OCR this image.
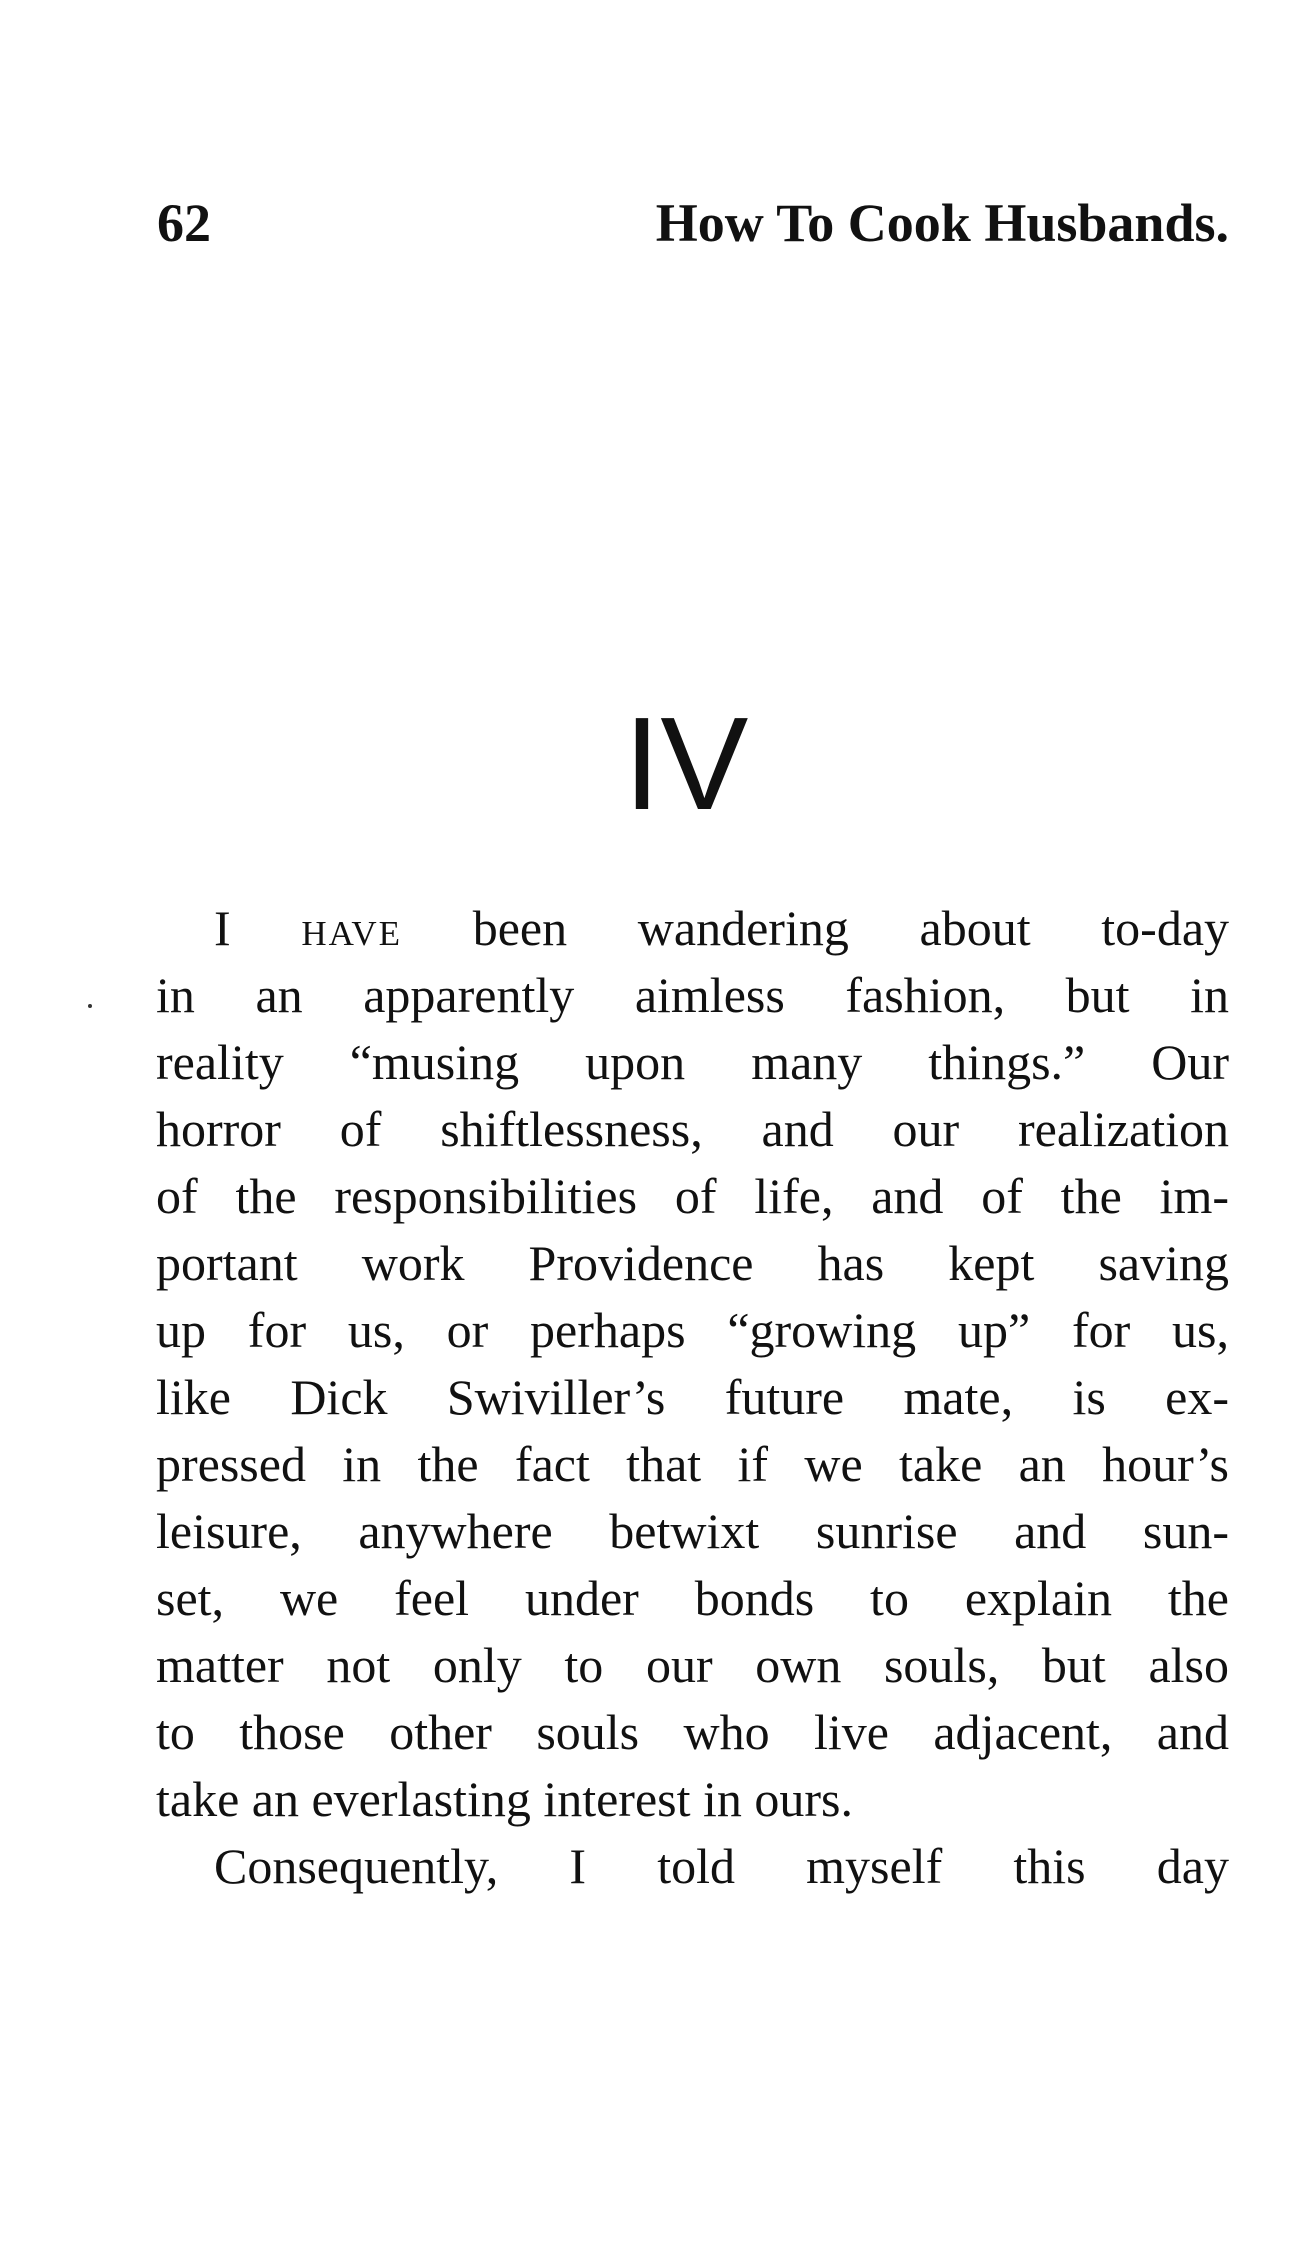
62	How To Cook Husbands.
IV
I have been wandering about to-day
in an apparently aimless fashion, but in
reality “musing upon many things.” Our
horror of shiftlessness, and our realization
of the responsibilities of life, and of the im-
portant work Providence has kept saving
up for us, or perhaps “growing up” for us,
like Dick Swiviller’s future mate, is ex-
pressed in the fact that if we take an hour’s
leisure, anywhere betwixt sunrise and sun-
set, we feel under bonds to explain the
matter not only to our own souls, but also
to those other souls who live adjacent, and
take an everlasting interest in ours.
Consequently, I told myself this day
